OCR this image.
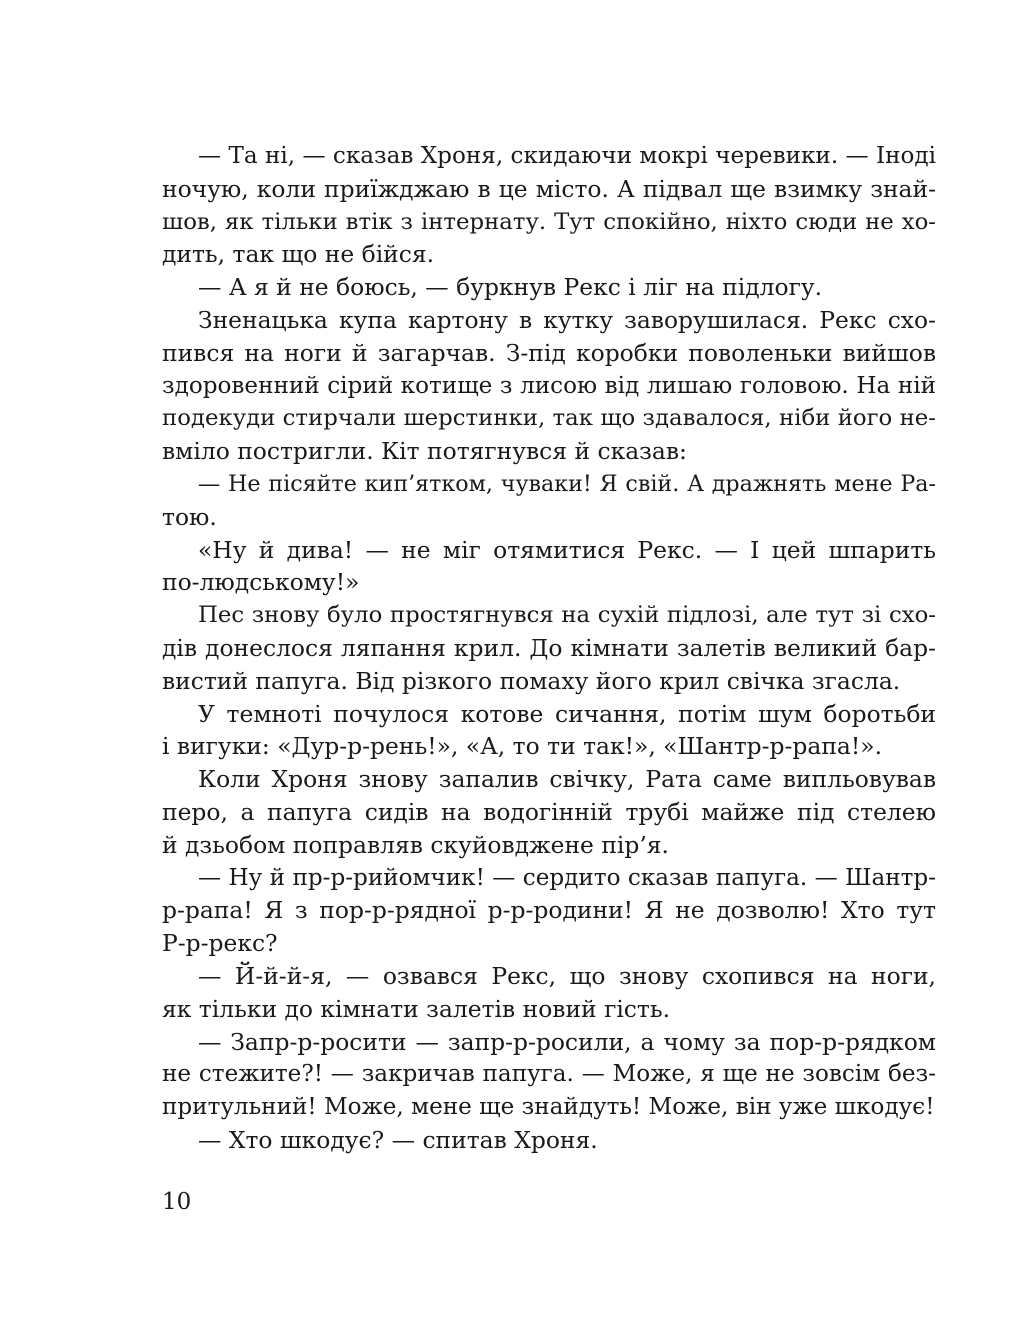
— Та ні, — сказав Хроня, скидаючи мокрі черевики. — Іноді
ночую, коли приїжджаю в це місто. А підвал ще взимку знай-
шов, як тільки втік з інтернату. Тут спокійно, ніхто сюди не хо-
дить, так що не бійся.
— А я й не боюсь, — буркнув Рекс і ліг на підлогу.
Зненацька купа картону в кутку заворушилася. Рекс схо-
пився на ноги й загарчав. З-під коробки поволеньки вийшов
здоровенний сірий котище з лисою від лишаю головою. На ній
подекуди стирчали шерстинки, так що здавалося, ніби його не-
вміло постригли. Кіт потягнувся й сказав:
— Не пісяйте кип’ятком, чуваки! Я свій. А дражнять мене Ра-
тою.
«Ну й дива! — не міг отямитися Рекс. — І цей шпарить
по-людському!»
Пес знову було простягнувся на сухій підлозі, але тут зі схо-
дів донеслося ляпання крил. До кімнати залетів великий бар-
вистий папуга. Від різкого помаху його крил свічка згасла.
У темноті почулося котове сичання, потім шум боротьби
і вигуки: «Дур-р-рень!», «А, то ти так!», «Шантр-р-рапа!».
Коли Хроня знову запалив свічку, Рата саме випльовував
перо, а папуга сидів на водогінній трубі майже під стелею
й дзьобом поправляв скуйовджене пір’я.
— Ну й пр-р-рийомчик! — сердито сказав папуга. — Шантр-
р-рапа! Я з пор-р-рядної р-р-родини! Я не дозволю! Хто тут
Р-р-рекс?
— Й-й-й-я, — озвався Рекс, що знову схопився на ноги,
як тільки до кімнати залетів новий гість.
— Запр-р-росити — запр-р-росили, а чому за пор-р-рядком
не стежите?! — закричав папуга. — Може, я ще не зовсім без-
притульний! Може, мене ще знайдуть! Може, він уже шкодує!
— Хто шкодує? — спитав Хроня.
10
